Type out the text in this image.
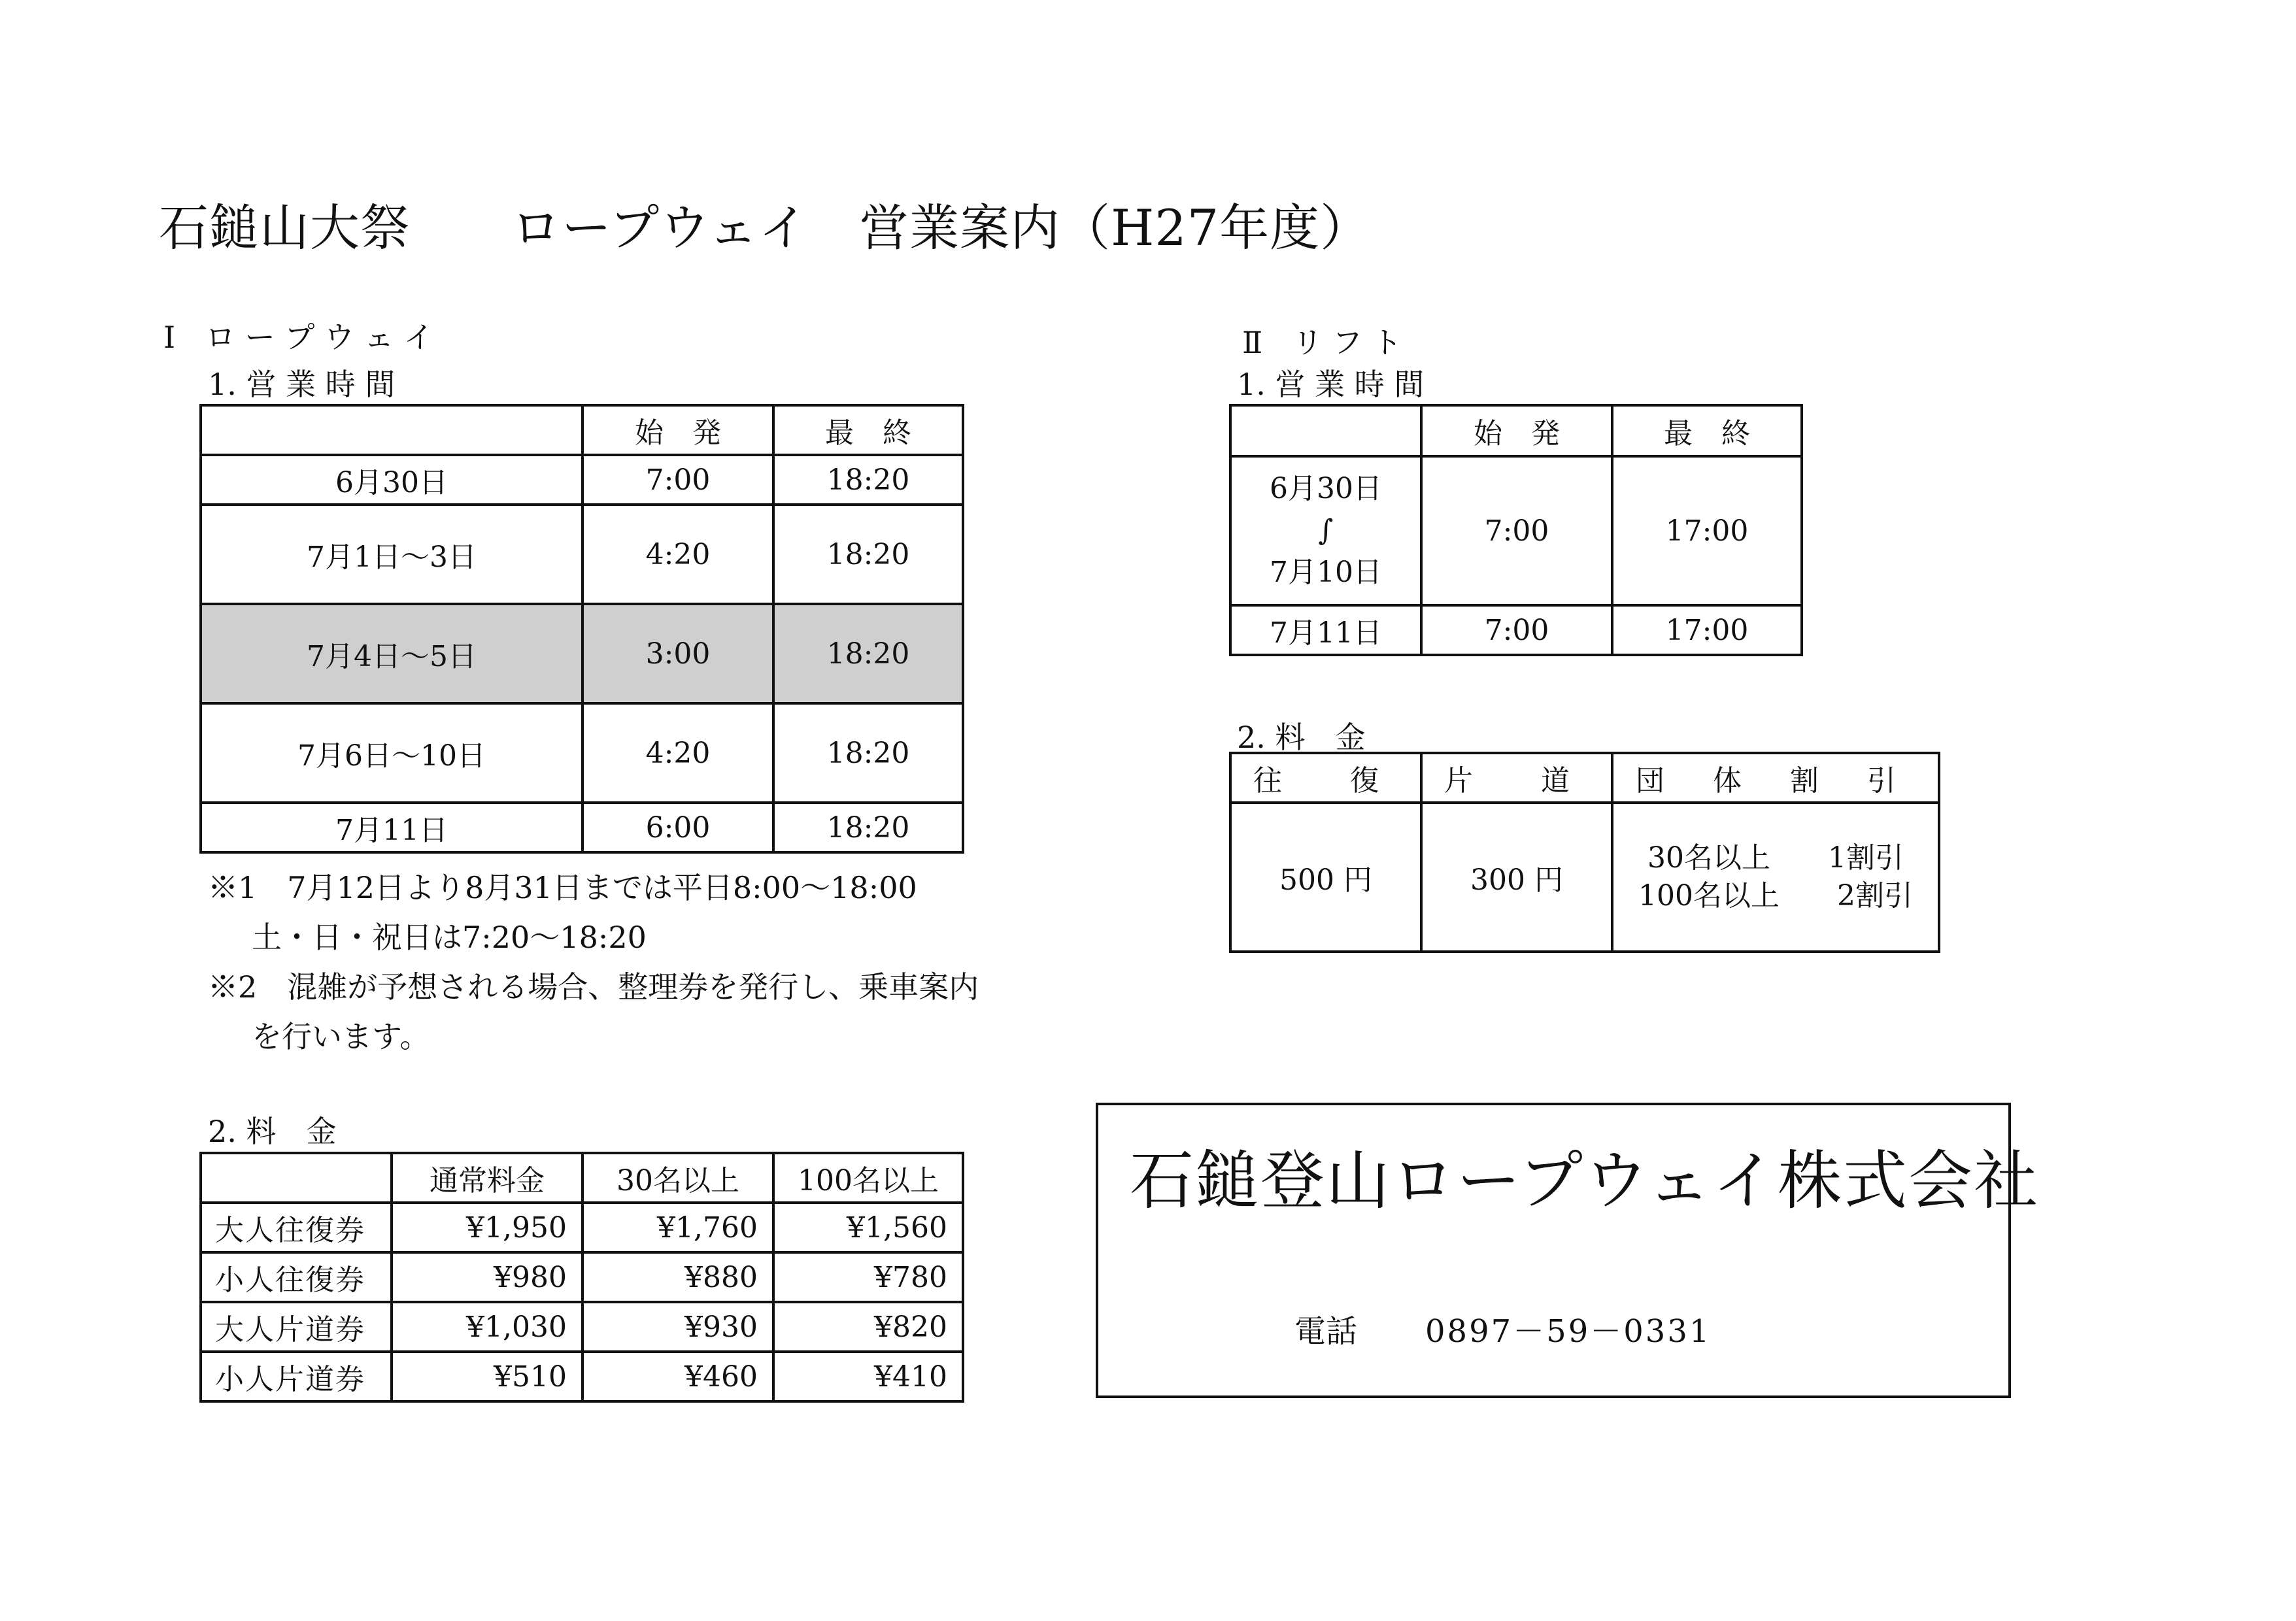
石鎚山大祭　　ロープウェイ　営業案内（H27年度）
Ⅰ　ロ ー プ ウ ェ イ
1. 営 業 時 間
	始　発	最　終
6月30日	7:00	18:20
7月1日～3日	4:20	18:20
7月4日～5日	3:00	18:20
7月6日～10日	4:20	18:20
7月11日	6:00	18:20
※1　7月12日より8月31日までは平日8:00～18:00
土・日・祝日は7:20～18:20
※2　混雑が予想される場合、整理券を発行し、乗車案内
を行います。
2. 料　金
	通常料金	30名以上	100名以上
大人往復券	¥1,950	¥1,760	¥1,560
小人往復券	¥980	¥880	¥780
大人片道券	¥1,030	¥930	¥820
小人片道券	¥510	¥460	¥410
Ⅱ　リ フ ト
1. 営 業 時 間
	始　発	最　終

6月30日
∫
7月10日	7:00	17:00
7月11日	7:00	17:00
2. 料　金
往　復	片　道	団 体 割 引
500 円	300 円	30名以上　　1割引
100名以上　　2割引
石鎚登山ロープウェイ株式会社
電話 0897－59－0331
